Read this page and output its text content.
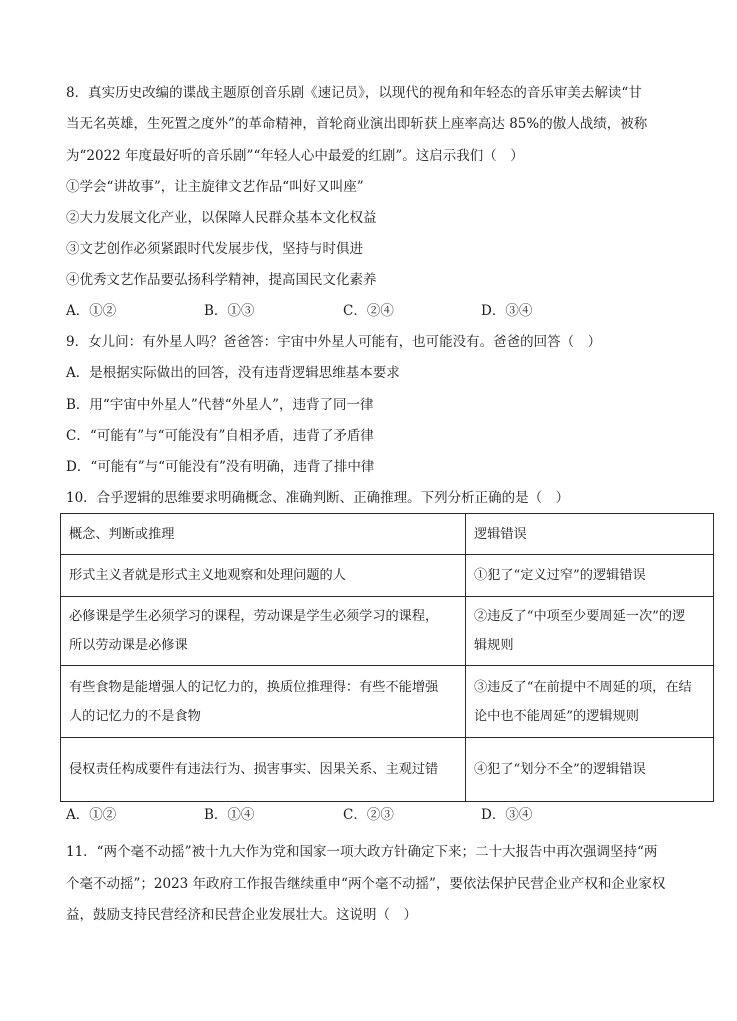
8．真实历史改编的谍战主题原创音乐剧《速记员》，以现代的视角和年轻态的音乐审美去解读“甘
当无名英雄，生死置之度外”的革命精神，首轮商业演出即斩获上座率高达 85%的傲人战绩，被称
为“2022 年度最好听的音乐剧”“年轻人心中最爱的红剧”。这启示我们（　）
①学会“讲故事”，让主旋律文艺作品“叫好又叫座”
②大力发展文化产业，以保障人民群众基本文化权益
③文艺创作必须紧跟时代发展步伐，坚持与时俱进
④优秀文艺作品要弘扬科学精神，提高国民文化素养
A．①②	B．①③	C．②④	D．③④
9．女儿问：有外星人吗？爸爸答：宇宙中外星人可能有，也可能没有。爸爸的回答（　）
A．是根据实际做出的回答，没有违背逻辑思维基本要求
B．用“宇宙中外星人”代替“外星人”，违背了同一律
C．“可能有”与“可能没有”自相矛盾，违背了矛盾律
D．“可能有”与“可能没有”没有明确，违背了排中律
10．合乎逻辑的思维要求明确概念、准确判断、正确推理。下列分析正确的是（　）
概念、判断或推理	逻辑错误

形式主义者就是形式主义地观察和处理问题的人	①犯了“定义过窄”的逻辑错误

必修课是学生必须学习的课程，劳动课是学生必须学习的课程，
所以劳动课是必修课	②违反了“中项至少要周延一次”的逻
辑规则

有些食物是能增强人的记忆力的，换质位推理得：有些不能增强
人的记忆力的不是食物	③违反了“在前提中不周延的项，在结
论中也不能周延”的逻辑规则

侵权责任构成要件有违法行为、损害事实、因果关系、主观过错	④犯了“划分不全”的逻辑错误
A．①②	B．①④	C．②③	D．③④
11．“两个毫不动摇”被十九大作为党和国家一项大政方针确定下来；二十大报告中再次强调坚持“两
个毫不动摇”；2023 年政府工作报告继续重申“两个毫不动摇”，要依法保护民营企业产权和企业家权
益，鼓励支持民营经济和民营企业发展壮大。这说明（　）
